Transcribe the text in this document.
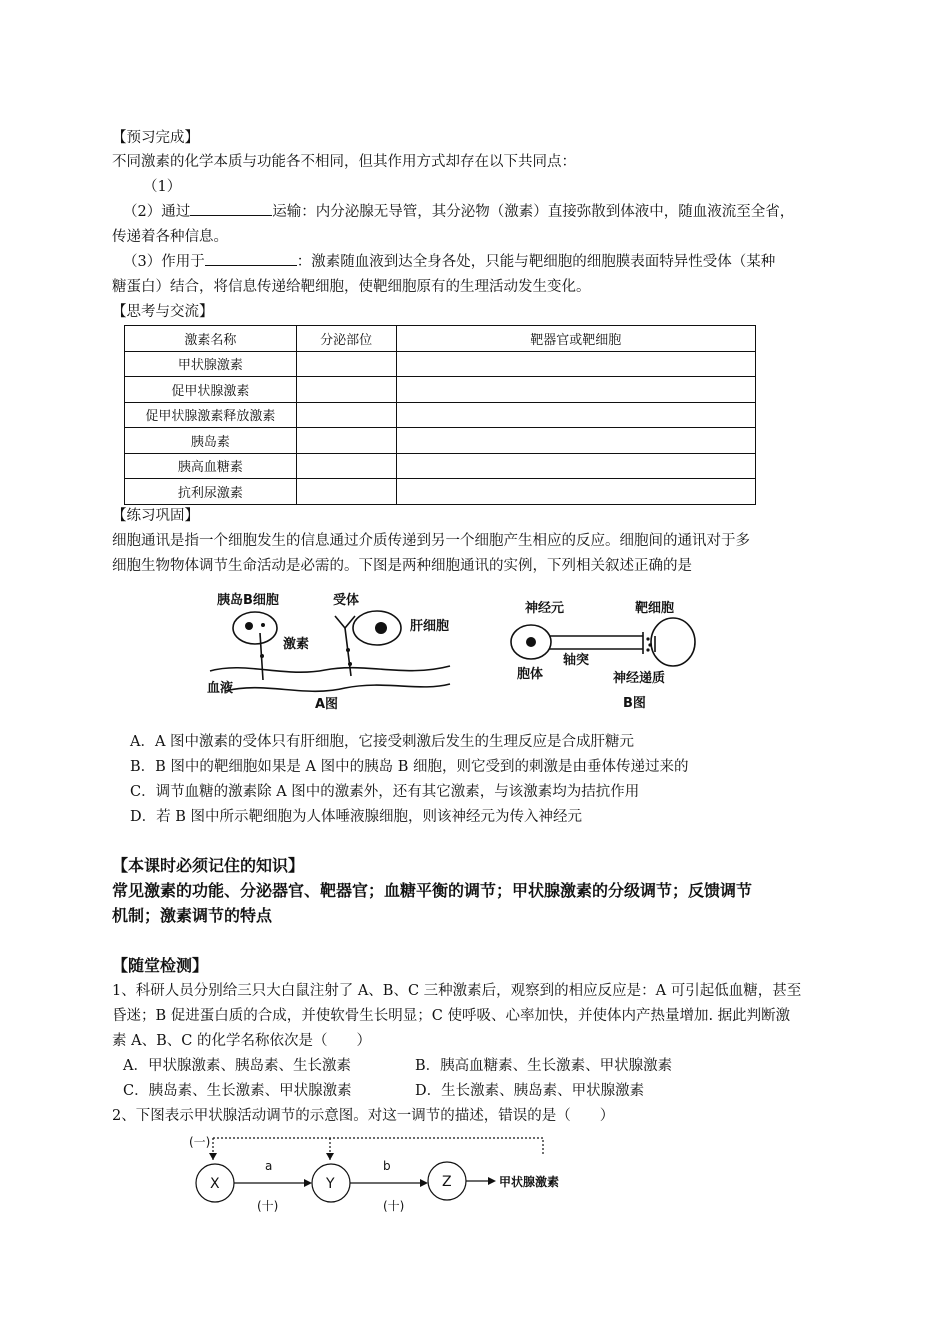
【预习完成】
不同激素的化学本质与功能各不相同，但其作用方式却存在以下共同点：
（1）
（2）通过	运输：内分泌腺无导管，其分泌物（激素）直接弥散到体液中，随血液流至全省，
传递着各种信息。
（3）作用于	：激素随血液到达全身各处，只能与靶细胞的细胞膜表面特异性受体（某种
糖蛋白）结合，将信息传递给靶细胞，使靶细胞原有的生理活动发生变化。
【思考与交流】
激素名称	分泌部位	靶器官或靶细胞
甲状腺激素		
促甲状腺激素		
促甲状腺激素释放激素		
胰岛素		
胰高血糖素		
抗利尿激素		
【练习巩固】
细胞通讯是指一个细胞发生的信息通过介质传递到另一个细胞产生相应的反应。细胞间的通讯对于多
细胞生物物体调节生命活动是必需的。下图是两种细胞通讯的实例，下列相关叙述正确的是
胰岛B细胞	受体
肝细胞
激素
血液
A图
神经元	靶细胞
胞体
轴突
神经递质
B图
A．A 图中激素的受体只有肝细胞，它接受刺激后发生的生理反应是合成肝糖元
B．B 图中的靶细胞如果是 A 图中的胰岛 B 细胞，则它受到的刺激是由垂体传递过来的
C．调节血糖的激素除 A 图中的激素外，还有其它激素，与该激素均为拮抗作用
D．若 B 图中所示靶细胞为人体唾液腺细胞，则该神经元为传入神经元
【本课时必须记住的知识】
常见激素的功能、分泌器官、靶器官；血糖平衡的调节；甲状腺激素的分级调节；反馈调节
机制；激素调节的特点
【随堂检测】
1、科研人员分别给三只大白鼠注射了 A、B、C 三种激素后，观察到的相应反应是：A 可引起低血糖，甚至
昏迷；B 促进蛋白质的合成，并使软骨生长明显；C 使呼吸、心率加快，并使体内产热量增加. 据此判断激
素 A、B、C 的化学名称依次是（　　）
A．甲状腺激素、胰岛素、生长激素	B．胰高血糖素、生长激素、甲状腺激素
C．胰岛素、生长激素、甲状腺激素	D．生长激素、胰岛素、甲状腺激素
2、下图表示甲状腺活动调节的示意图。对这一调节的描述，错误的是（　　）
(一)
X	Y	Z
a	b
(十)	(十)
甲状腺激素
